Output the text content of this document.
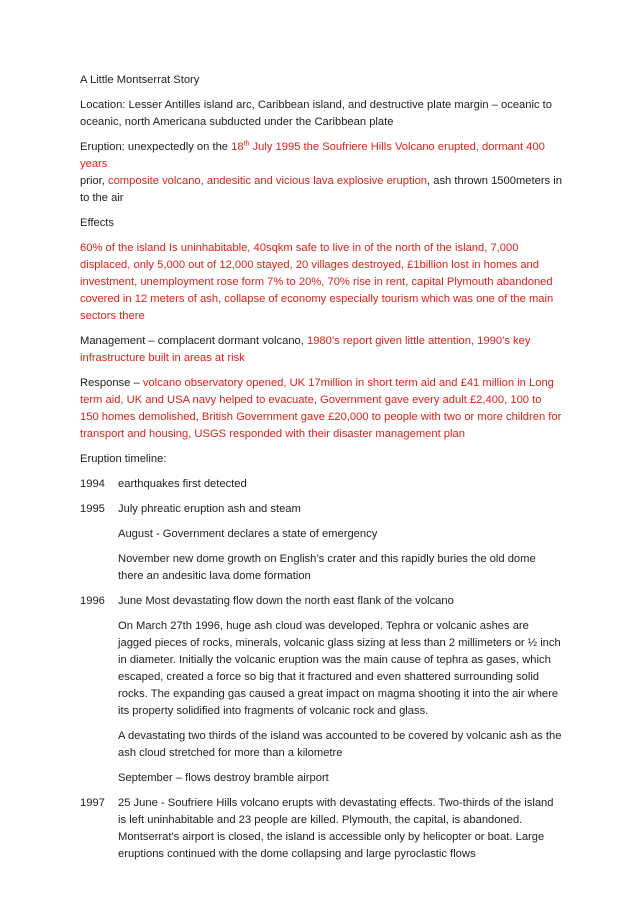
A Little Montserrat Story

Location: Lesser Antilles island arc, Caribbean island, and destructive plate margin – oceanic to oceanic, north Americana subducted under the Caribbean plate

Eruption: unexpectedly on the 18th July 1995 the Soufriere Hills Volcano erupted, dormant 400 years
prior, composite volcano, andesitic and vicious lava explosive eruption, ash thrown 1500meters in to the air

Effects

60% of the island Is uninhabitable, 40sqkm safe to live in of the north of the island, 7,000 displaced, only 5,000 out of 12,000 stayed, 20 villages destroyed, £1billion lost in homes and investment, unemployment rose form 7% to 20%, 70% rise in rent, capital Plymouth abandoned covered in 12 meters of ash, collapse of economy especially tourism which was one of the main sectors there

Management – complacent dormant volcano, 1980’s report given little attention, 1990’s key infrastructure built in areas at risk

Response – volcano observatory opened, UK 17million in short term aid and £41 million in Long term aid, UK and USA navy helped to evacuate, Government gave every adult £2,400, 100 to 150 homes demolished, British Government gave £20,000 to people with two or more children for transport and housing, USGS responded with their disaster management plan

Eruption timeline:

1994	earthquakes first detected
1995	July phreatic eruption ash and steam
August - Government declares a state of emergency
November new dome growth on English’s crater and this rapidly buries the old dome there an andesitic lava dome formation
1996	June Most devastating flow down the north east flank of the volcano
On March 27th 1996, huge ash cloud was developed. Tephra or volcanic ashes are jagged pieces of rocks, minerals, volcanic glass sizing at less than 2 millimeters or ½ inch in diameter. Initially the volcanic eruption was the main cause of tephra as gases, which escaped, created a force so big that it fractured and even shattered surrounding solid rocks. The expanding gas caused a great impact on magma shooting it into the air where its property solidified into fragments of volcanic rock and glass.
A devastating two thirds of the island was accounted to be covered by volcanic ash as the ash cloud stretched for more than a kilometre
September – flows destroy bramble airport
1997	25 June - Soufriere Hills volcano erupts with devastating effects. Two-thirds of the island is left uninhabitable and 23 people are killed. Plymouth, the capital, is abandoned. Montserrat's airport is closed, the island is accessible only by helicopter or boat. Large eruptions continued with the dome collapsing and large pyroclastic flows
